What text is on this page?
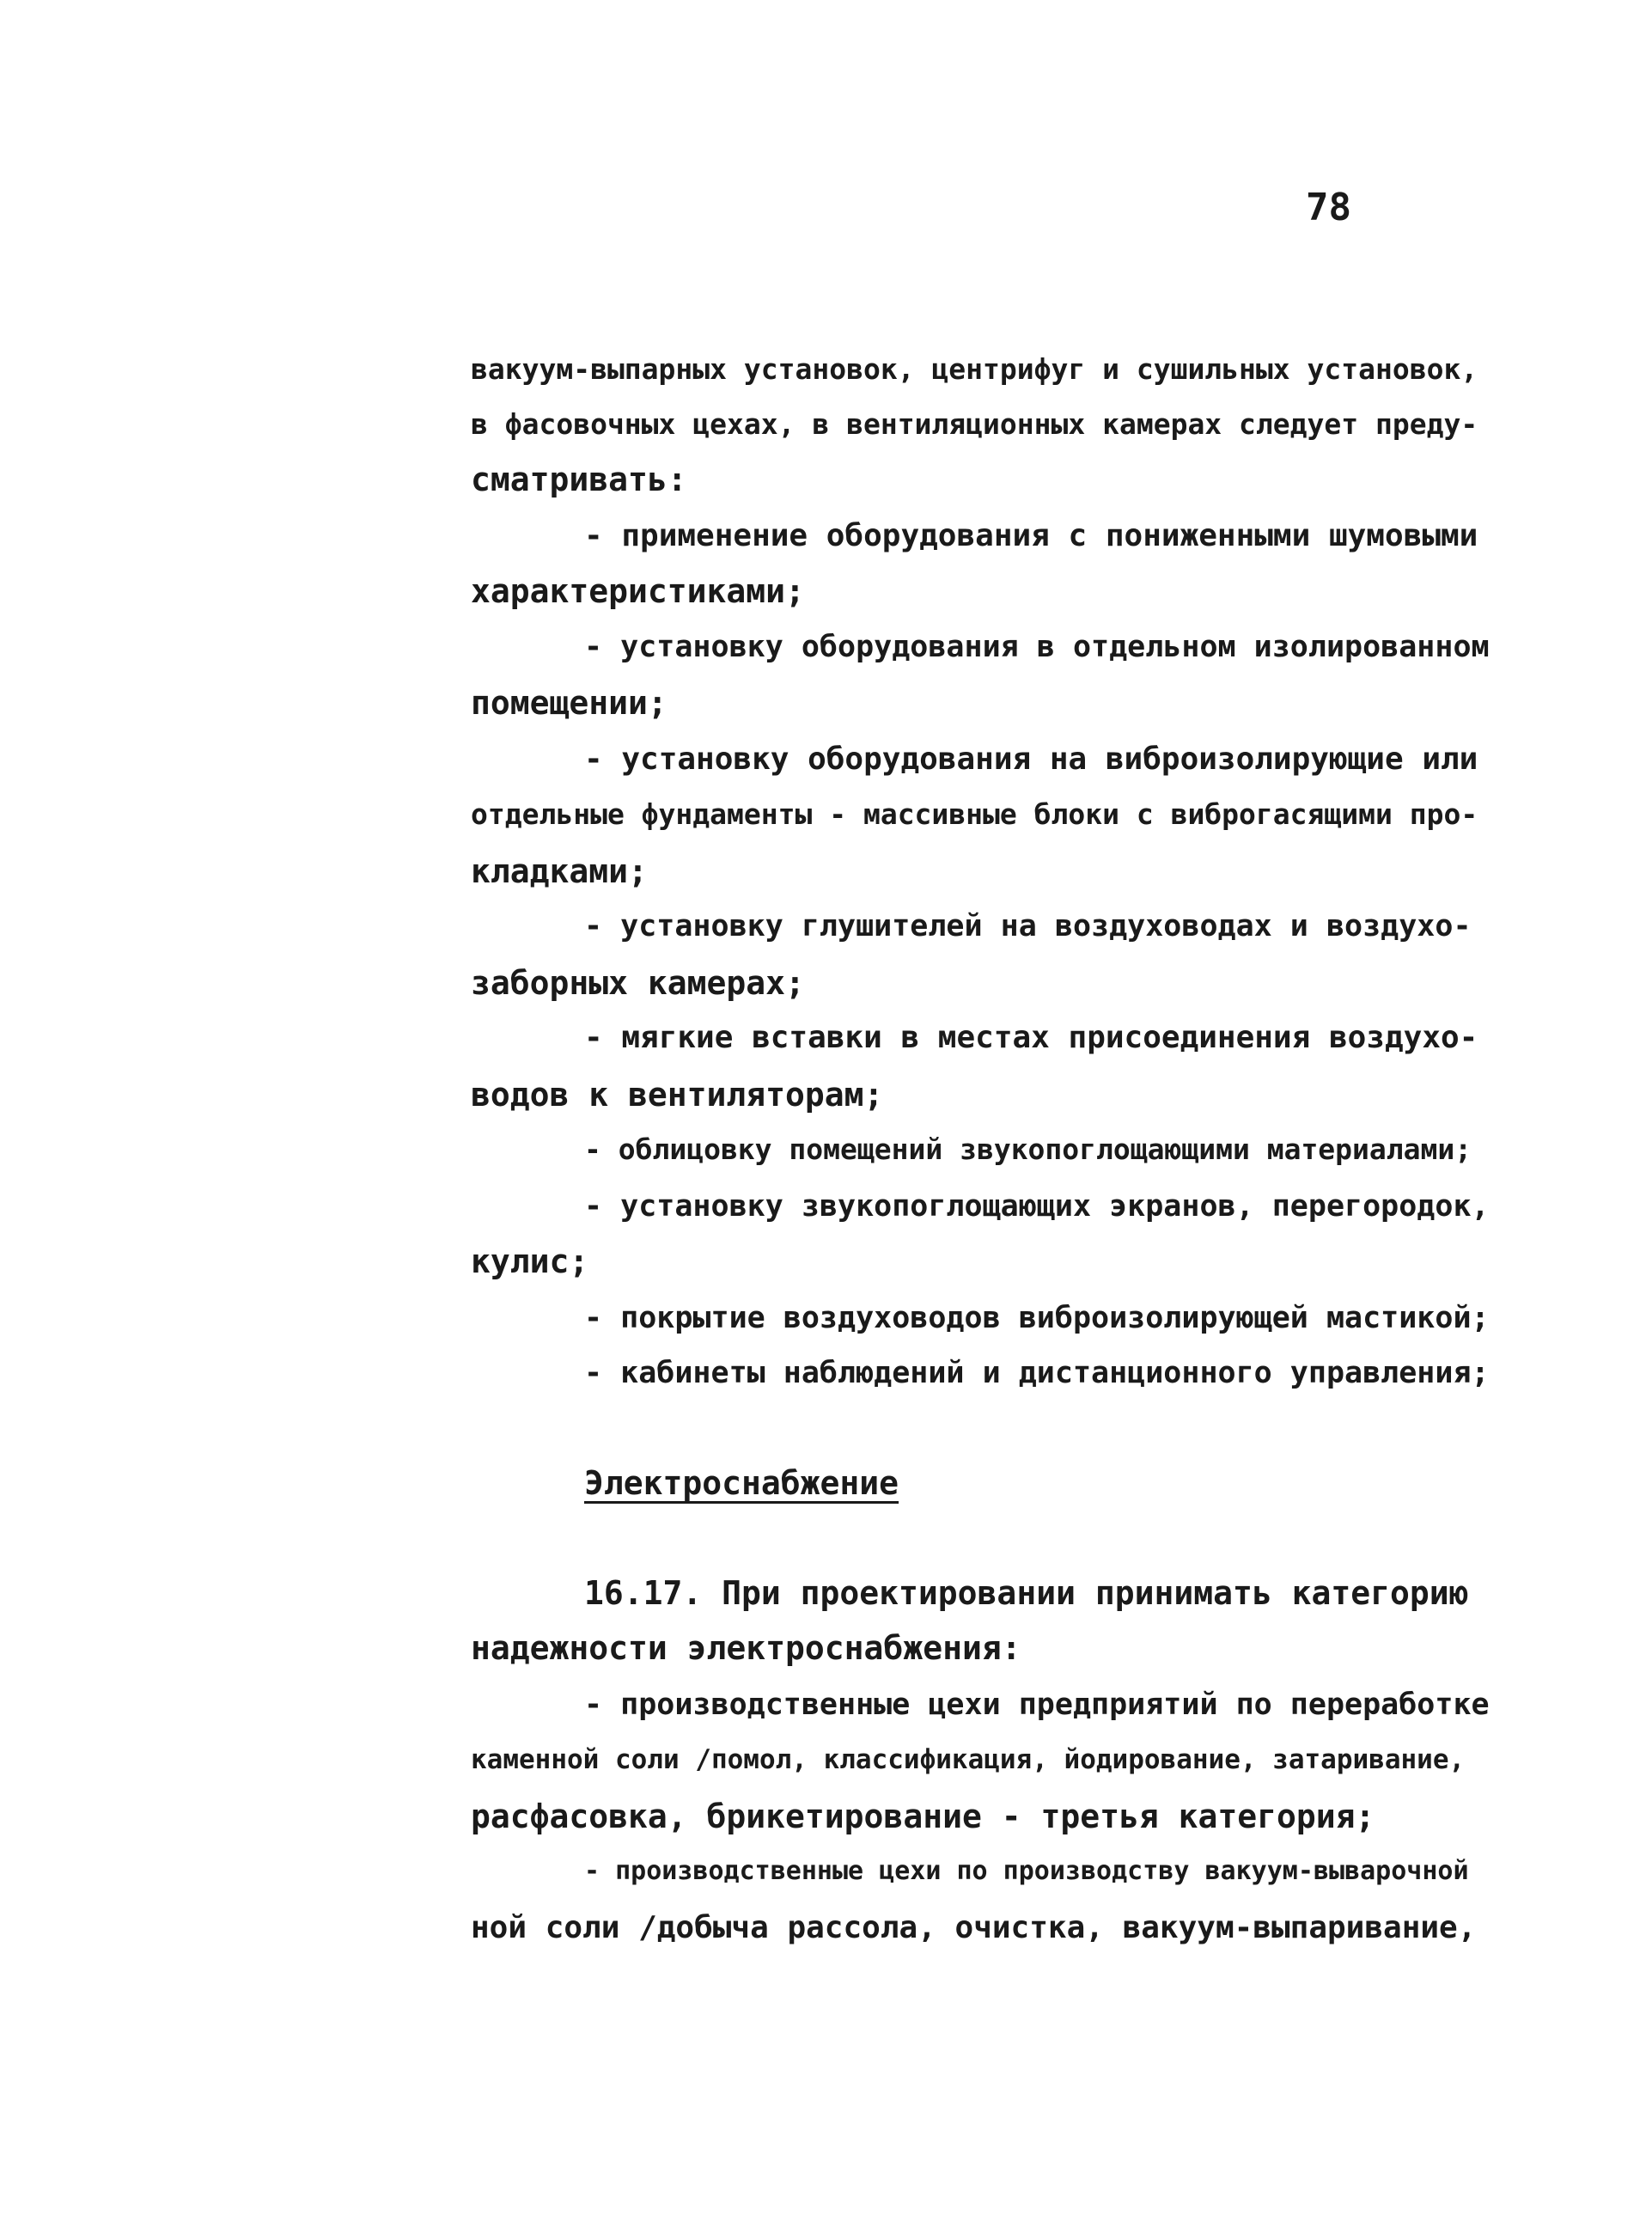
78
вакуум-выпарных установок, центрифуг и сушильных установок,
в фасовочных цехах, в вентиляционных камерах следует преду-
сматривать:
- применение оборудования с пониженными шумовыми
характеристиками;
- установку оборудования в отдельном изолированном
помещении;
- установку оборудования на виброизолирующие или
отдельные фундаменты - массивные блоки с виброгасящими про-
кладками;
- установку глушителей на воздуховодах и воздухо-
заборных камерах;
- мягкие вставки в местах присоединения воздухо-
водов к вентиляторам;
- облицовку помещений звукопоглощающими материалами;
- установку звукопоглощающих экранов, перегородок,
кулис;
- покрытие воздуховодов виброизолирующей мастикой;
- кабинеты наблюдений и дистанционного управления;
Электроснабжение
16.17. При проектировании принимать категорию
надежности электроснабжения:
- производственные цехи предприятий по переработке
каменной соли /помол, классификация, йодирование, затаривание,
расфасовка, брикетирование - третья категория;
- производственные цехи по производству вакуум-выварочной
ной соли /добыча рассола, очистка, вакуум-выпаривание,
